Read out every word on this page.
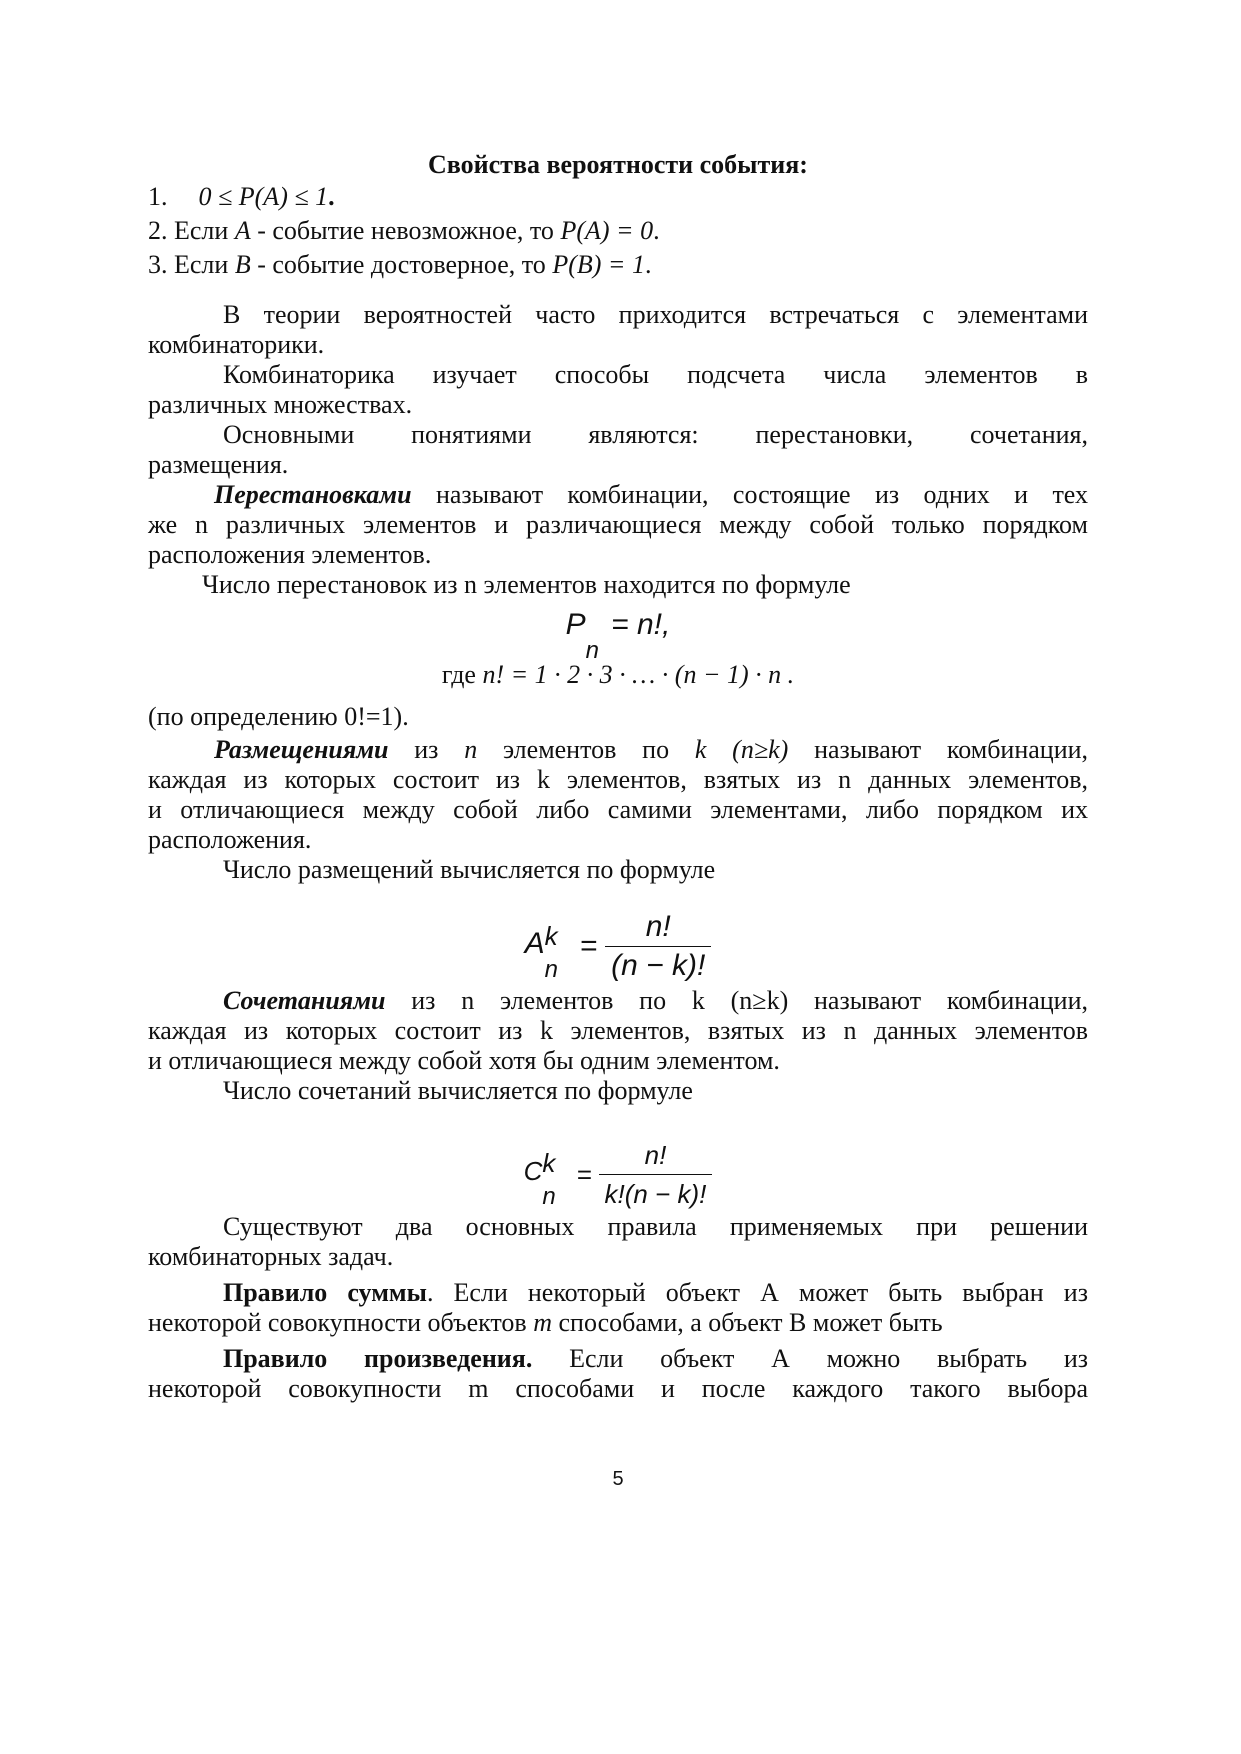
Свойства вероятности события:
1. 0 ≤ P(A) ≤ 1.
2. Если A - событие невозможное, то P(A) = 0.
3. Если B - событие достоверное, то P(B) = 1.
В теории вероятностей часто приходится встречаться с элементами
комбинаторики.
Комбинаторика изучает способы подсчета числа элементов в
различных множествах.
Основными понятиями являются: перестановки, сочетания,
размещения.
Перестановками называют комбинации, состоящие из одних и тех
же n различных элементов и различающиеся между собой только порядком
расположения элементов.
Число перестановок из n элементов находится по формуле
P
n
= n!,
где n! = 1 · 2 · 3 · … · (n − 1) · n .
(по определению 0!=1).
Размещениями из n элементов по k (n≥k) называют комбинации,
каждая из которых состоит из k элементов, взятых из n данных элементов,
и отличающиеся между собой либо самими элементами, либо порядком их
расположения.
Число размещений вычисляется по формуле
A k
n
= $\frac{n!}{(n - k)!}$
Сочетаниями из n элементов по k (n≥k) называют комбинации,
каждая из которых состоит из k элементов, взятых из n данных элементов
и отличающиеся между собой хотя бы одним элементом.
Число сочетаний вычисляется по формуле
C k
n
= $\frac{n!}{k!(n - k)!}$
Существуют два основных правила применяемых при решении
комбинаторных задач.
Правило суммы. Если некоторый объект А может быть выбран из
некоторой совокупности объектов m способами, а объект В может быть
Правило произведения. Если объект А можно выбрать из
некоторой совокупности m способами и после каждого такого выбора
5
